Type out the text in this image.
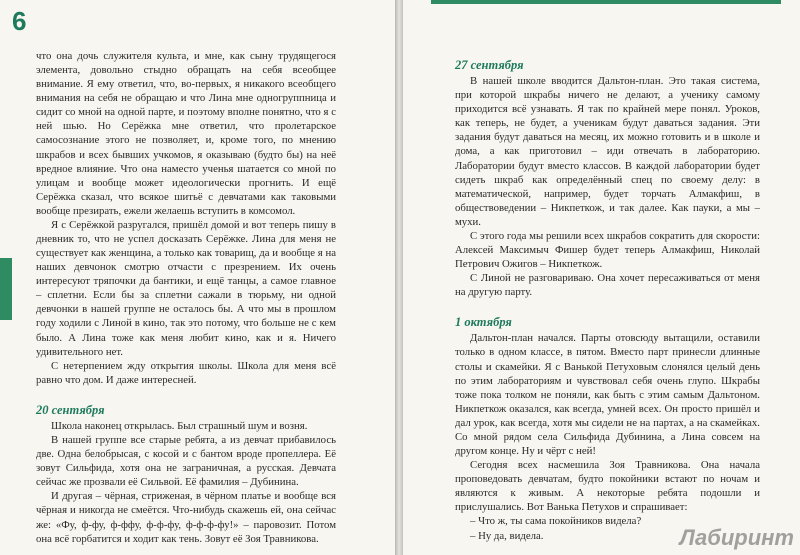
6

что она дочь служителя культа, и мне, как сыну трудящегося элемента, довольно стыдно обращать на себя всеобщее внимание. Я ему ответил, что, во-первых, я никакого всеобщего внимания на себя не обращаю и что Лина мне одногруппница и сидит со мной на одной парте, и поэтому вполне понятно, что я с ней шью. Но Серёжка мне ответил, что пролетарское самосознание этого не позволяет, и, кроме того, по мнению шкрабов и всех бывших учкомов, я оказываю (будто бы) на неё вредное влияние. Что она наместо ученья шатается со мной по улицам и вообще может идеологически прогнить. И ещё Серёжка сказал, что всякое шитьё с девчатами как таковыми вообще презирать, ежели желаешь вступить в комсомол.

Я с Серёжкой разругался, пришёл домой и вот теперь пишу в дневник то, что не успел досказать Серёжке. Лина для меня не существует как женщина, а только как товарищ, да и вообще я на наших девчонок смотрю отчасти с презрением. Их очень интересуют тряпочки да бантики, и ещё танцы, а самое главное – сплетни. Если бы за сплетни сажали в тюрьму, ни одной девчонки в нашей группе не осталось бы. А что мы в прошлом году ходили с Линой в кино, так это потому, что больше не с кем было. А Лина тоже как меня любит кино, как и я. Ничего удивительного нет.

С нетерпением жду открытия школы. Школа для меня всё равно что дом. И даже интересней.

20 сентября

Школа наконец открылась. Был страшный шум и возня.

В нашей группе все старые ребята, а из девчат прибавилось две. Одна белобрысая, с косой и с бантом вроде пропеллера. Её зовут Сильфида, хотя она не заграничная, а русская. Девчата сейчас же прозвали её Сильвой. Её фамилия – Дубинина.

И другая – чёрная, стриженая, в чёрном платье и вообще вся чёрная и никогда не смеётся. Что-нибудь скажешь ей, она сейчас же: «Фу, ф-фу, ф-ффу, ф-ф-фу, ф-ф-ф-фу!» – паровозит. Потом она всё горбатится и ходит как тень. Зовут её Зоя Травникова.

27 сентября

В нашей школе вводится Дальтон-план. Это такая система, при которой шкрабы ничего не делают, а ученику самому приходится всё узнавать. Я так по крайней мере понял. Уроков, как теперь, не будет, а ученикам будут даваться задания. Эти задания будут даваться на месяц, их можно готовить и в школе и дома, а как приготовил – иди отвечать в лабораторию. Лаборатории будут вместо классов. В каждой лаборатории будет сидеть шкраб как определённый спец по своему делу: в математической, например, будет торчать Алмакфиш, в обществоведении – Никпеткож, и так далее. Как пауки, а мы – мухи.

С этого года мы решили всех шкрабов сократить для скорости: Алексей Максимыч Фишер будет теперь Алмакфиш, Николай Петрович Ожигов – Никпеткож.

С Линой не разговариваю. Она хочет пересаживаться от меня на другую парту.

1 октября

Дальтон-план начался. Парты отовсюду вытащили, оставили только в одном классе, в пятом. Вместо парт принесли длинные столы и скамейки. Я с Ванькой Петуховым слонялся целый день по этим лабораториям и чувствовал себя очень глупо. Шкрабы тоже пока толком не поняли, как быть с этим самым Дальтоном. Никпеткож оказался, как всегда, умней всех. Он просто пришёл и дал урок, как всегда, хотя мы сидели не на партах, а на скамейках. Со мной рядом села Сильфида Дубинина, а Лина совсем на другом конце. Ну и чёрт с ней!

Сегодня всех насмешила Зоя Травникова. Она начала проповедовать девчатам, будто покойники встают по ночам и являются к живым. А некоторые ребята подошли и прислушались. Вот Ванька Петухов и спрашивает:

– Что ж, ты сама покойников видела?

– Ну да, видела.	Лабиринт
